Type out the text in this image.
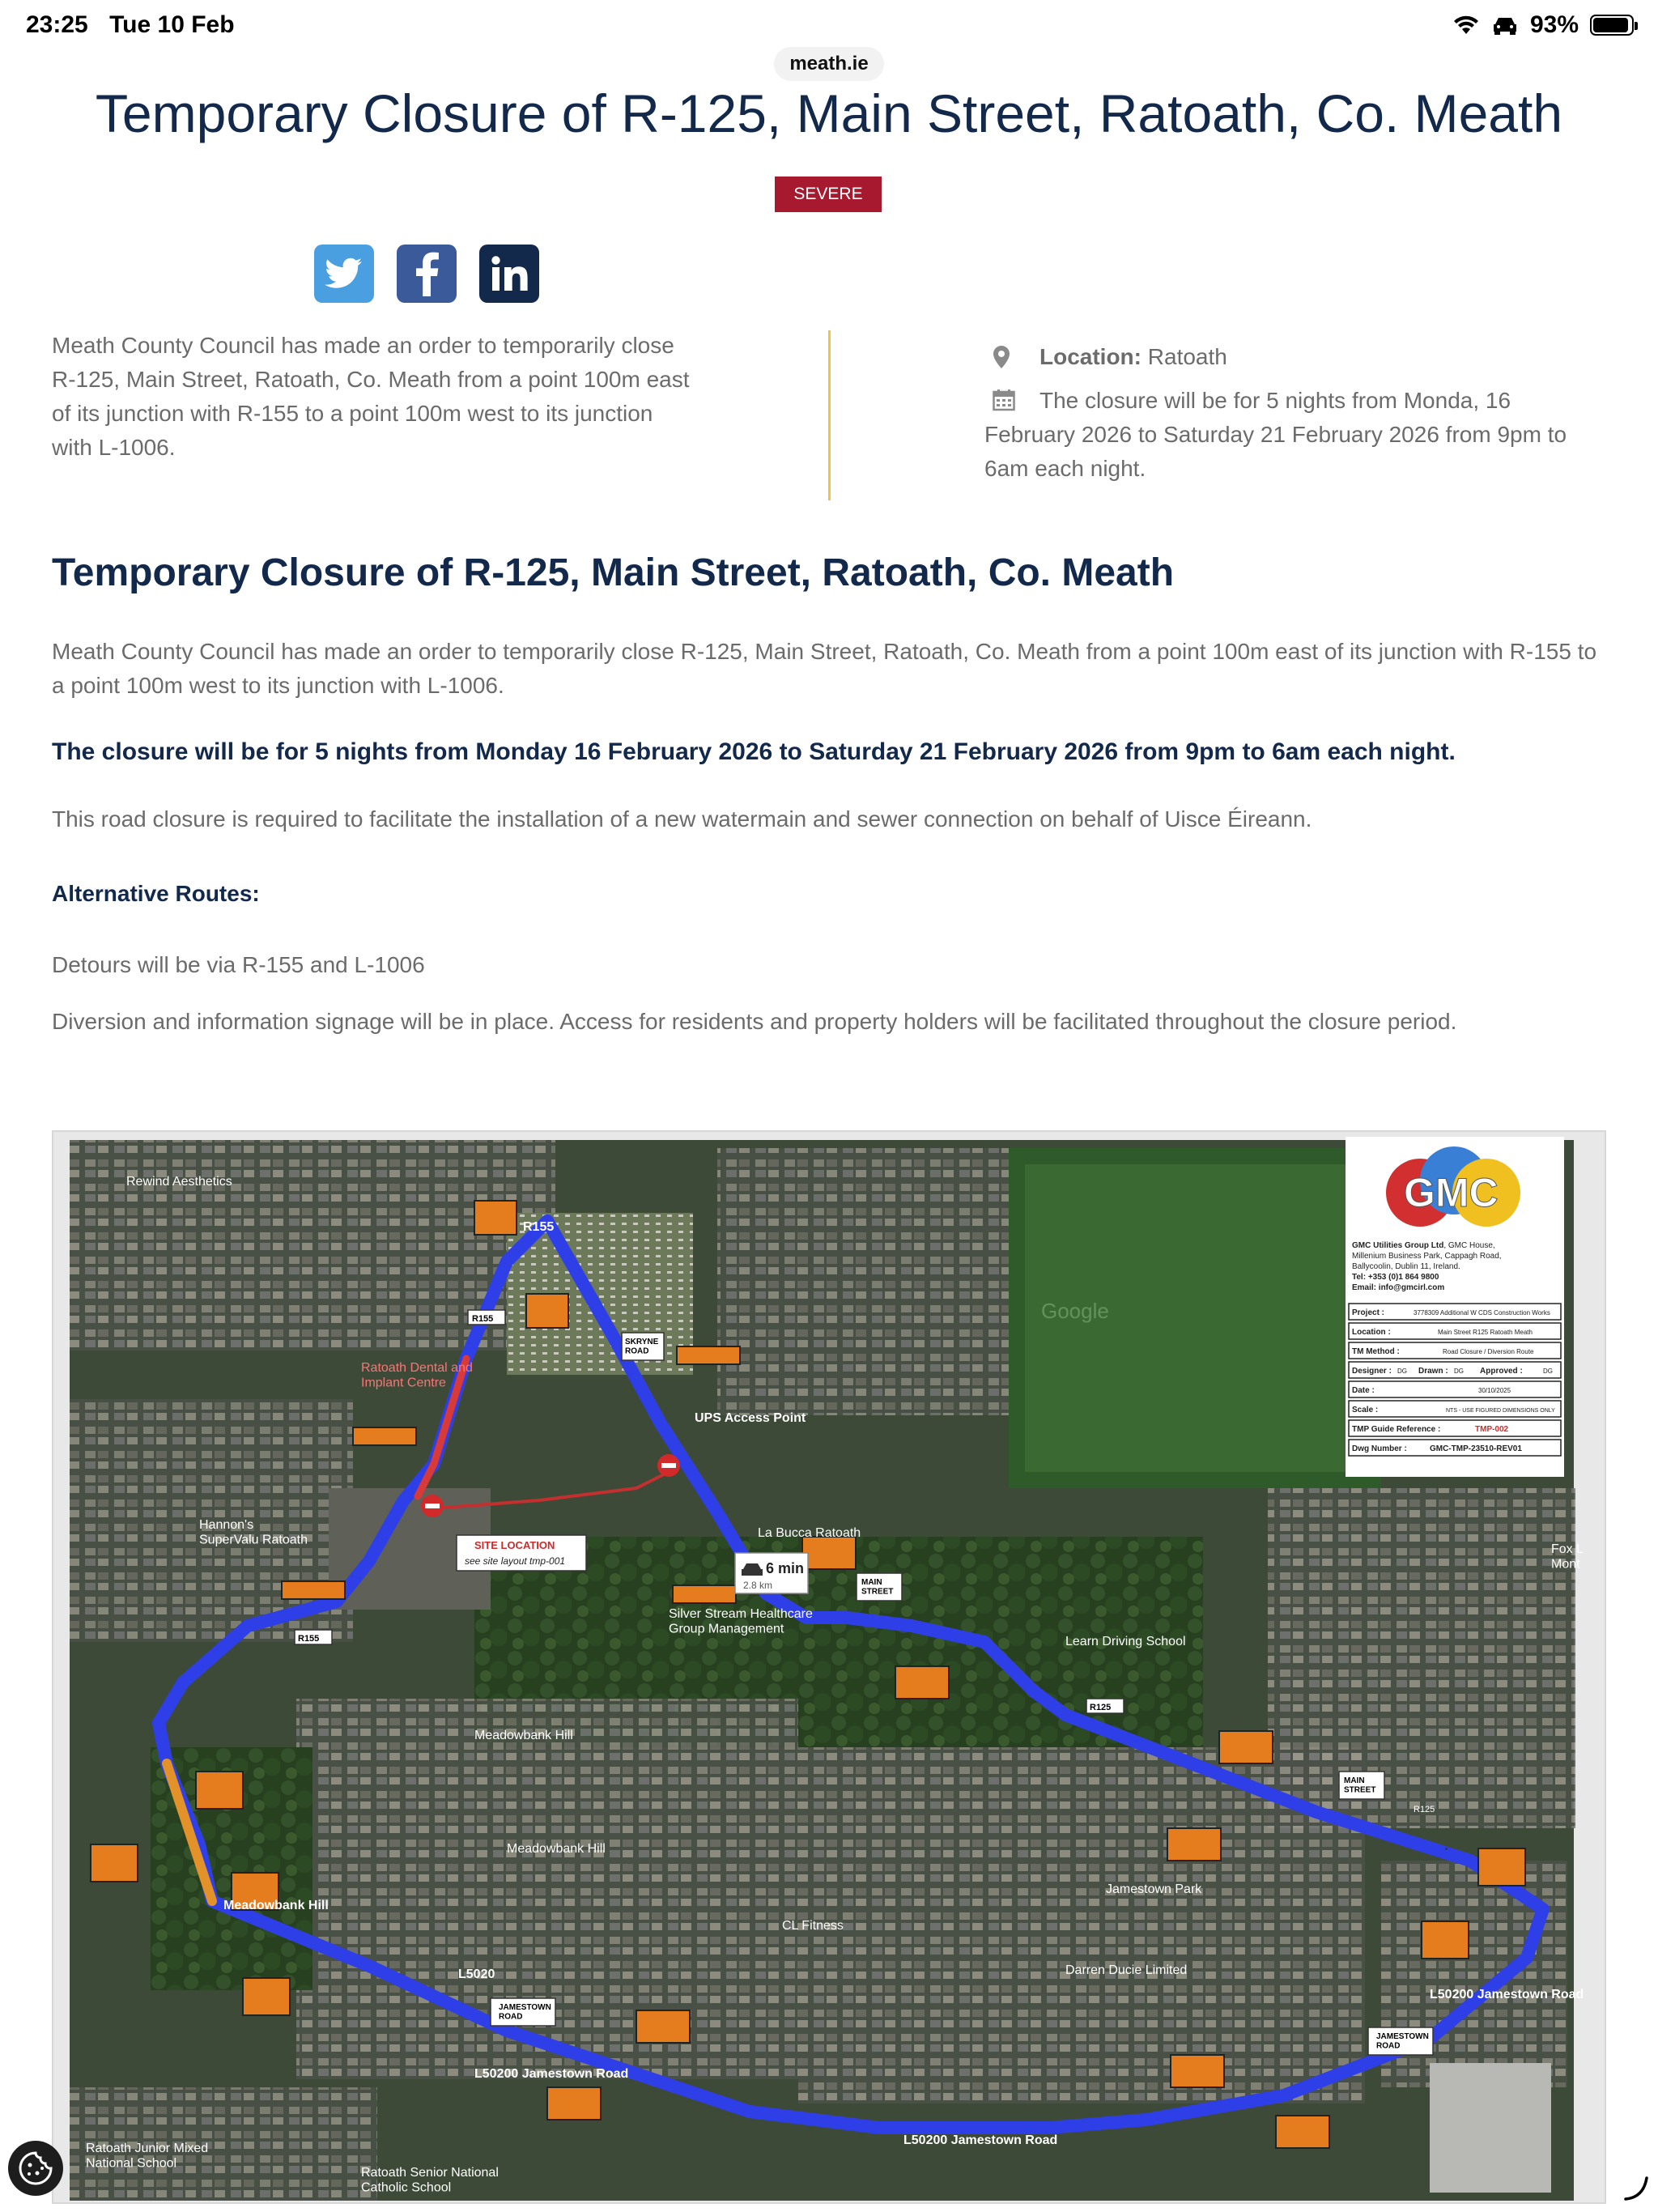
23:25 Tue 10 Feb	93%
meath.ie
Temporary Closure of R-125, Main Street, Ratoath, Co. Meath
SEVERE

Meath County Council has made an order to temporarily close R-125, Main Street, Ratoath, Co. Meath from a point 100m east of its junction with R-155 to a point 100m west to its junction with L-1006.

Location: Ratoath
The closure will be for 5 nights from Monda, 16 February 2026 to Saturday 21 February 2026 from 9pm to 6am each night.
Temporary Closure of R-125, Main Street, Ratoath, Co. Meath

Meath County Council has made an order to temporarily close R-125, Main Street, Ratoath, Co. Meath from a point 100m east of its junction with R-155 to a point 100m west to its junction with L-1006.

The closure will be for 5 nights from Monday 16 February 2026 to Saturday 21 February 2026 from 9pm to 6am each night.

This road closure is required to facilitate the installation of a new watermain and sewer connection on behalf of Uisce Éireann.

Alternative Routes:

Detours will be via R-155 and L-1006

Diversion and information signage will be in place. Access for residents and property holders will be facilitated throughout the closure period.

Rewind Aesthetics
R155
R155
R155
SKRYNE ROAD
Ratoath Dental and Implant Centre
UPS Access Point
Hannon's SuperValu Ratoath	La Bucca Ratoath
MAIN STREET
MAIN STREET
Silver Stream Healthcare Group Management
Learn Driving School
R125
R125
Meadowbank Hill
Meadowbank Hill
Meadowbank Hill
Jamestown Park
CL Fitness
Darren Ducie Limited
JAMESTOWN ROAD
JAMESTOWN ROAD
L50200 Jamestown Road
L50200 Jamestown Road
L5020
L50200 Jamestown Road
Ratoath Junior Mixed National School
Ratoath Senior National Catholic School
Fox L Mont
Google
SITE LOCATION
see site layout tmp-001	6 min
2.8 km
GMC
GMC Utilities Group Ltd, GMC House,
Millenium Business Park, Cappagh Road,
Ballycoolin, Dublin 11, Ireland.
Tel: +353 (0)1 864 9800
Email: info@gmcirl.com
Project :	3778309 Additional W CDS Construction Works
Location :	Main Street R125 Ratoath Meath
TM Method :	Road Closure / Diversion Route
Designer : DG Drawn : DG Approved :	DG
Date :	30/10/2025
Scale :	NTS - USE FIGURED DIMENSIONS ONLY
TMP Guide Reference :	TMP-002
Dwg Number :	GMC-TMP-23510-REV01
